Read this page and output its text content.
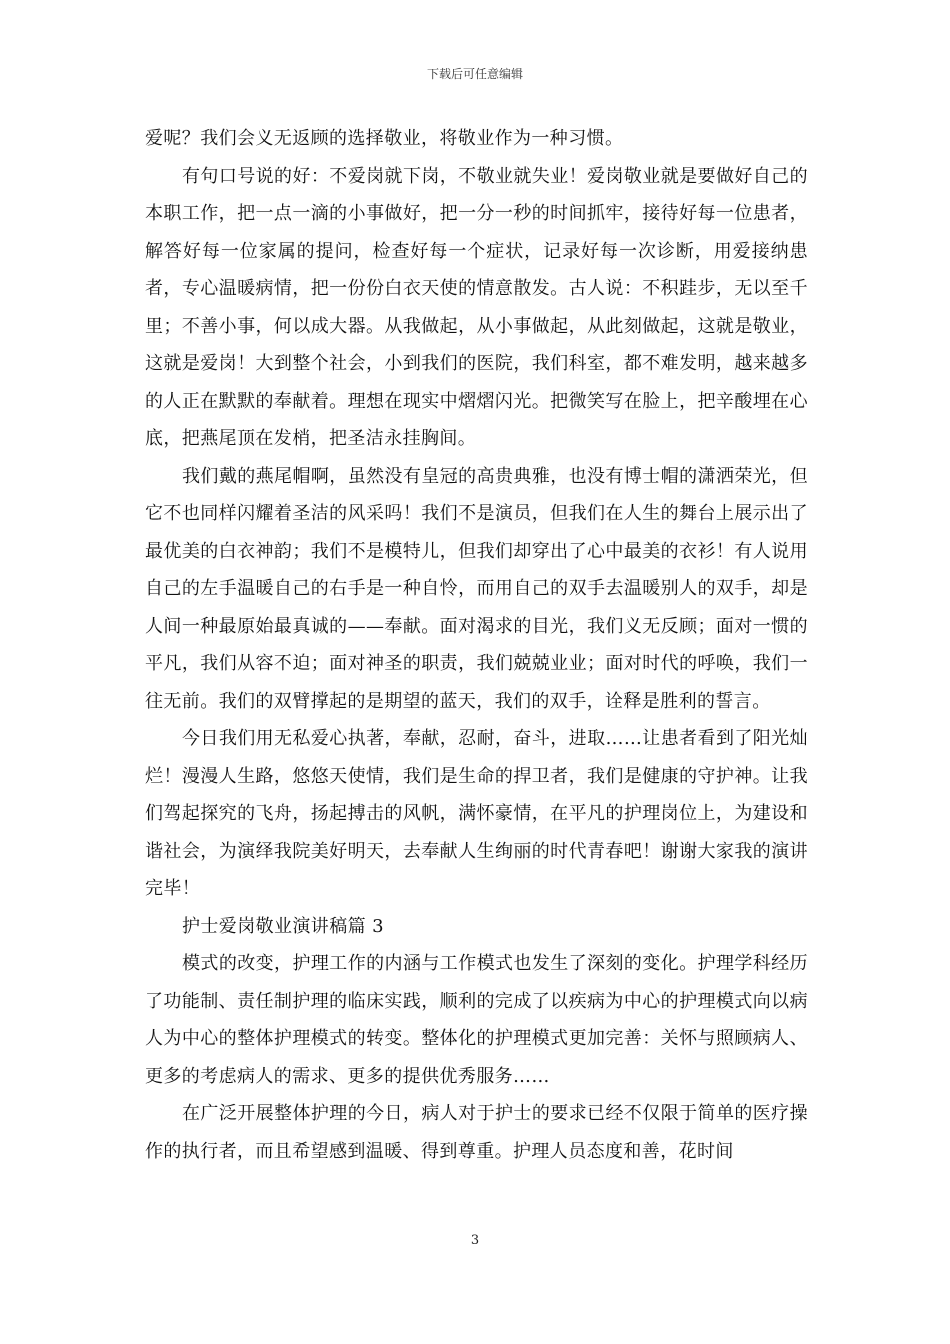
下载后可任意编辑

爱呢？我们会义无返顾的选择敬业，将敬业作为一种习惯。

有句口号说的好：不爱岗就下岗，不敬业就失业！爱岗敬业就是要做好自己的本职工作，把一点一滴的小事做好，把一分一秒的时间抓牢，接待好每一位患者，解答好每一位家属的提问，检查好每一个症状，记录好每一次诊断，用爱接纳患者，专心温暖病情，把一份份白衣天使的情意散发。古人说：不积跬步，无以至千里；不善小事，何以成大器。从我做起，从小事做起，从此刻做起，这就是敬业，这就是爱岗！大到整个社会，小到我们的医院，我们科室，都不难发明，越来越多的人正在默默的奉献着。理想在现实中熠熠闪光。把微笑写在脸上，把辛酸埋在心底，把燕尾顶在发梢，把圣洁永挂胸间。

我们戴的燕尾帽啊，虽然没有皇冠的高贵典雅，也没有博士帽的潇洒荣光，但它不也同样闪耀着圣洁的风采吗！我们不是演员，但我们在人生的舞台上展示出了最优美的白衣神韵；我们不是模特儿，但我们却穿出了心中最美的衣衫！有人说用自己的左手温暖自己的右手是一种自怜，而用自己的双手去温暖别人的双手，却是人间一种最原始最真诚的——奉献。面对渴求的目光，我们义无反顾；面对一惯的平凡，我们从容不迫；面对神圣的职责，我们兢兢业业；面对时代的呼唤，我们一往无前。我们的双臂撑起的是期望的蓝天，我们的双手，诠释是胜利的誓言。

今日我们用无私爱心执著，奉献，忍耐，奋斗，进取……让患者看到了阳光灿烂！漫漫人生路，悠悠天使情，我们是生命的捍卫者，我们是健康的守护神。让我们驾起探究的飞舟，扬起搏击的风帆，满怀豪情，在平凡的护理岗位上，为建设和谐社会，为演绎我院美好明天，去奉献人生绚丽的时代青春吧！谢谢大家我的演讲完毕！

护士爱岗敬业演讲稿篇 3

模式的改变，护理工作的内涵与工作模式也发生了深刻的变化。护理学科经历了功能制、责任制护理的临床实践，顺利的完成了以疾病为中心的护理模式向以病人为中心的整体护理模式的转变。整体化的护理模式更加完善：关怀与照顾病人、更多的考虑病人的需求、更多的提供优秀服务……

在广泛开展整体护理的今日，病人对于护士的要求已经不仅限于简单的医疗操作的执行者，而且希望感到温暖、得到尊重。护理人员态度和善，花时间

3
